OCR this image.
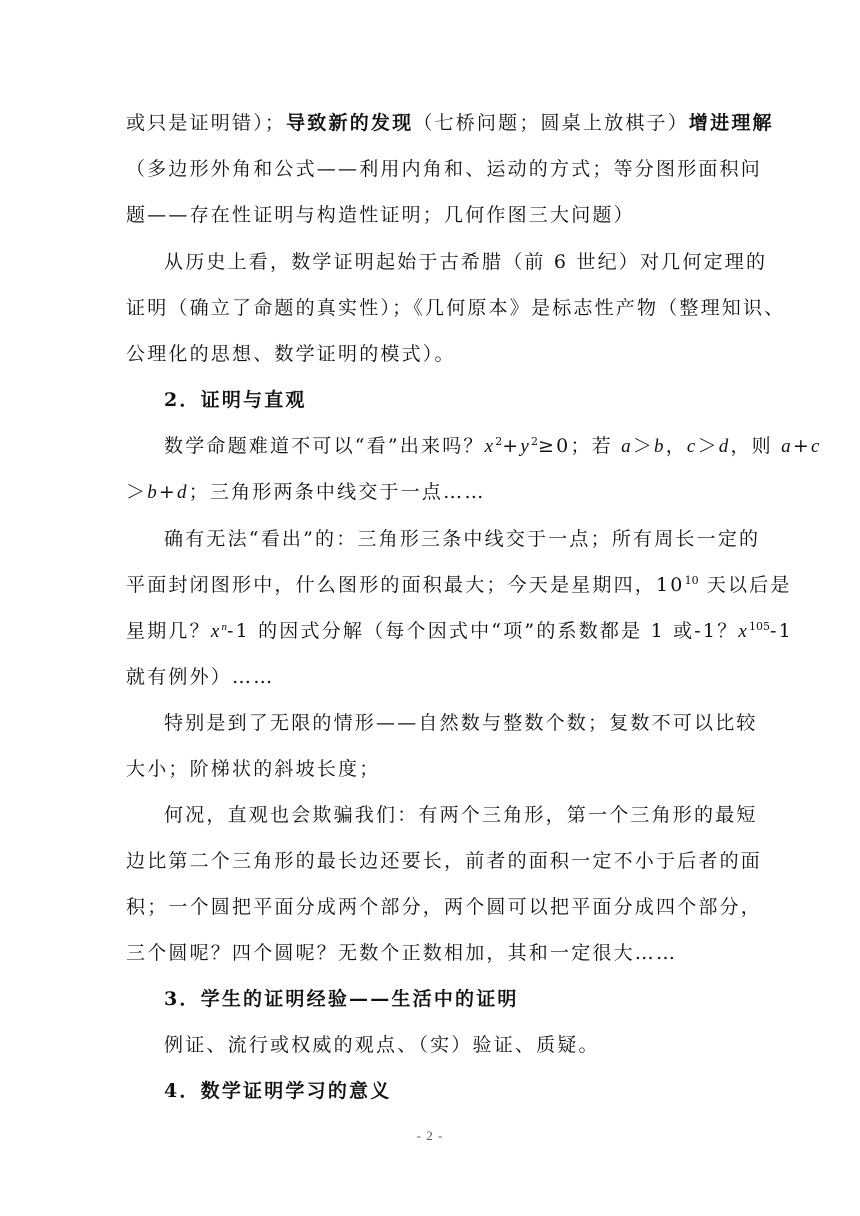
或只是证明错）；导致新的发现（七桥问题；圆桌上放棋子）增进理解
（多边形外角和公式——利用内角和、运动的方式；等分图形面积问
题——存在性证明与构造性证明；几何作图三大问题）
从历史上看，数学证明起始于古希腊（前 6 世纪）对几何定理的
证明（确立了命题的真实性）；《几何原本》是标志性产物（整理知识、
公理化的思想、数学证明的模式）。
2．证明与直观
数学命题难道不可以“看”出来吗？$x^2+y^2\ge 0$；若 a＞b，c＞d，则 a+c
＞b+d；三角形两条中线交于一点……
确有无法“看出”的：三角形三条中线交于一点；所有周长一定的
平面封闭图形中，什么图形的面积最大；今天是星期四，$10^{10}$ 天以后是
星期几？$x^n-1$ 的因式分解（每个因式中“项”的系数都是 1 或-1？$x^{105}-1$
就有例外）……
特别是到了无限的情形——自然数与整数个数；复数不可以比较
大小；阶梯状的斜坡长度；
何况，直观也会欺骗我们：有两个三角形，第一个三角形的最短
边比第二个三角形的最长边还要长，前者的面积一定不小于后者的面
积；一个圆把平面分成两个部分，两个圆可以把平面分成四个部分，
三个圆呢？四个圆呢？无数个正数相加，其和一定很大……
3．学生的证明经验——生活中的证明
例证、流行或权威的观点、（实）验证、质疑。
4．数学证明学习的意义
- 2 -
